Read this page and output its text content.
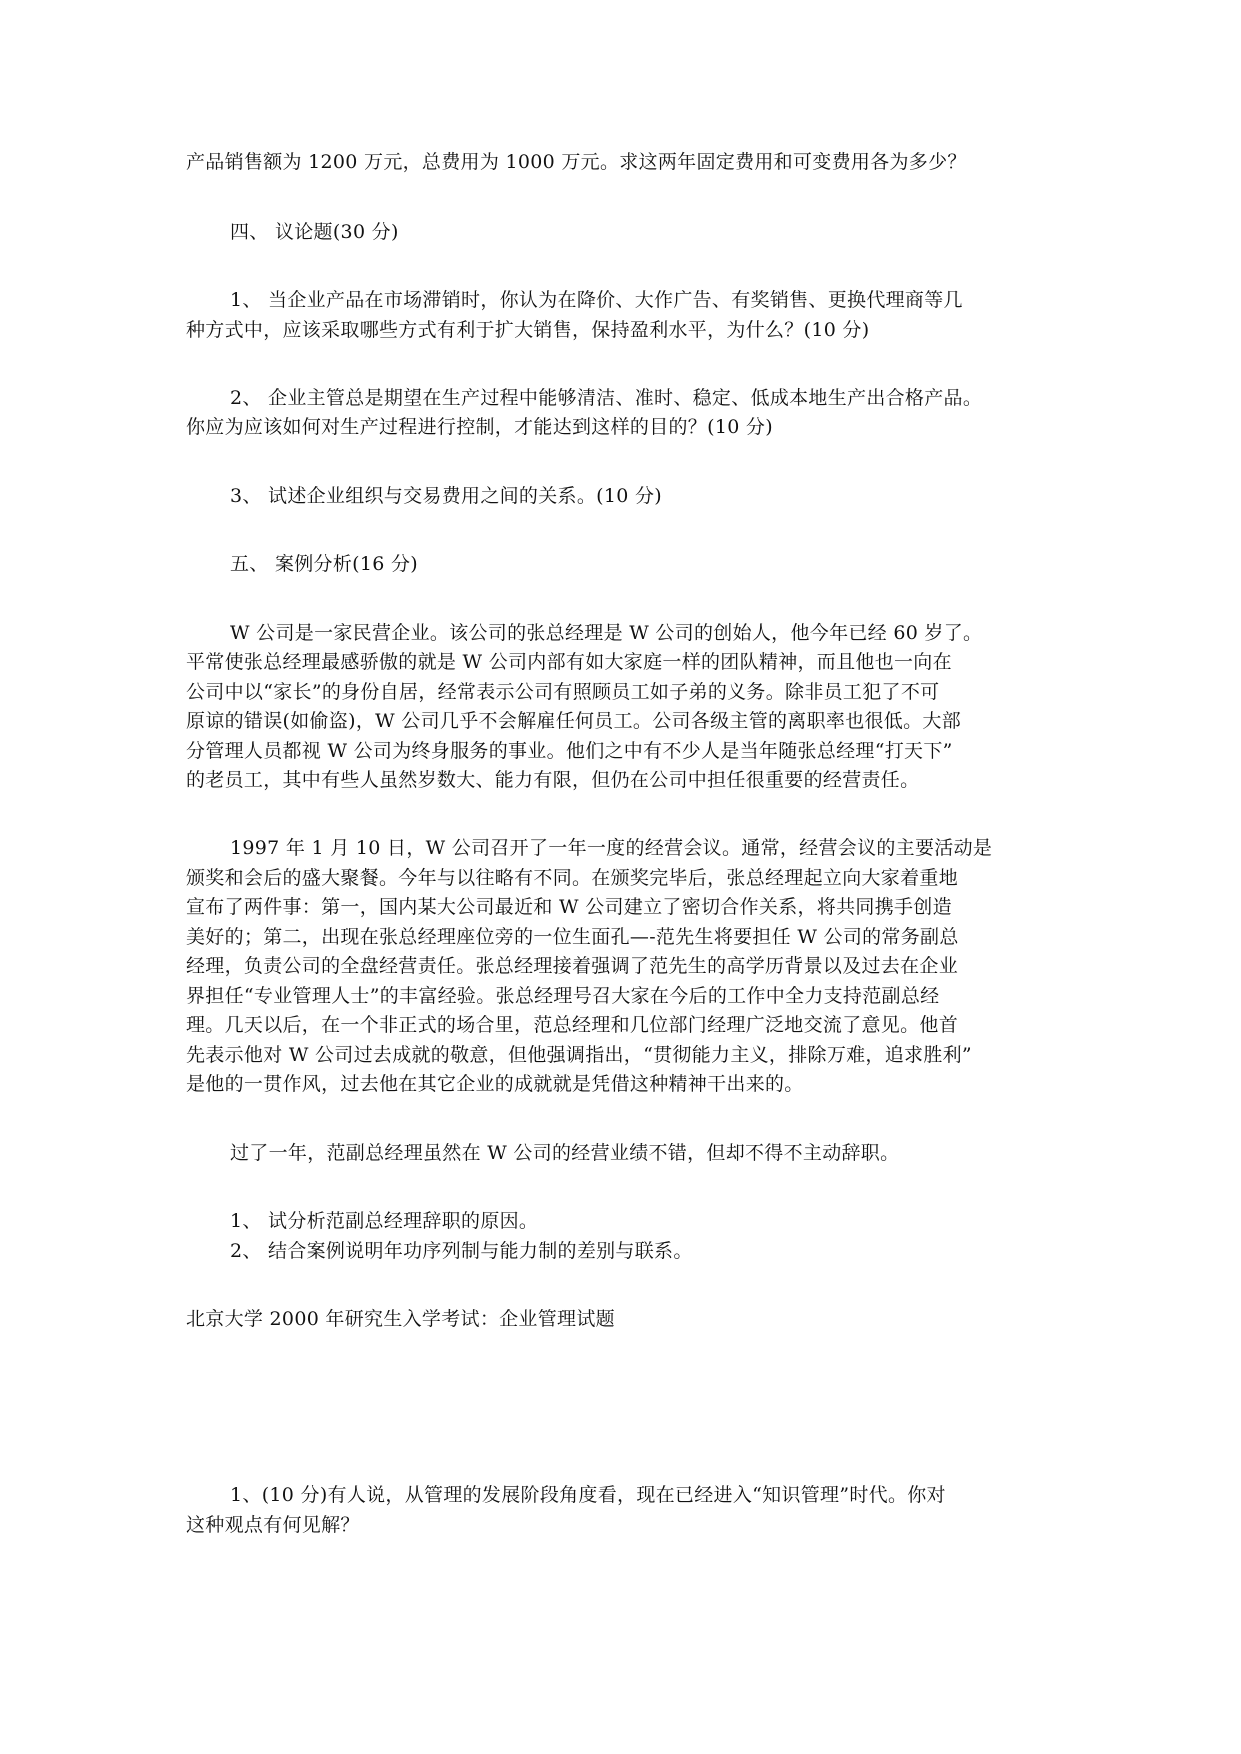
产品销售额为 1200 万元，总费用为 1000 万元。求这两年固定费用和可变费用各为多少？
四、 议论题(30 分)
1、 当企业产品在市场滞销时，你认为在降价、大作广告、有奖销售、更换代理商等几
种方式中，应该采取哪些方式有利于扩大销售，保持盈利水平，为什么？(10 分)
2、 企业主管总是期望在生产过程中能够清洁、准时、稳定、低成本地生产出合格产品。
你应为应该如何对生产过程进行控制，才能达到这样的目的？(10 分)
3、 试述企业组织与交易费用之间的关系。(10 分)
五、 案例分析(16 分)
W 公司是一家民营企业。该公司的张总经理是 W 公司的创始人，他今年已经 60 岁了。
平常使张总经理最感骄傲的就是 W 公司内部有如大家庭一样的团队精神，而且他也一向在
公司中以“家长”的身份自居，经常表示公司有照顾员工如子弟的义务。除非员工犯了不可
原谅的错误(如偷盗)，W 公司几乎不会解雇任何员工。公司各级主管的离职率也很低。大部
分管理人员都视 W 公司为终身服务的事业。他们之中有不少人是当年随张总经理“打天下”
的老员工，其中有些人虽然岁数大、能力有限，但仍在公司中担任很重要的经营责任。
1997 年 1 月 10 日，W 公司召开了一年一度的经营会议。通常，经营会议的主要活动是
颁奖和会后的盛大聚餐。今年与以往略有不同。在颁奖完毕后，张总经理起立向大家着重地
宣布了两件事：第一，国内某大公司最近和 W 公司建立了密切合作关系，将共同携手创造
美好的；第二，出现在张总经理座位旁的一位生面孔—-范先生将要担任 W 公司的常务副总
经理，负责公司的全盘经营责任。张总经理接着强调了范先生的高学历背景以及过去在企业
界担任“专业管理人士”的丰富经验。张总经理号召大家在今后的工作中全力支持范副总经
理。几天以后，在一个非正式的场合里，范总经理和几位部门经理广泛地交流了意见。他首
先表示他对 W 公司过去成就的敬意，但他强调指出，“贯彻能力主义，排除万难，追求胜利”
是他的一贯作风，过去他在其它企业的成就就是凭借这种精神干出来的。
过了一年，范副总经理虽然在 W 公司的经营业绩不错，但却不得不主动辞职。
1、 试分析范副总经理辞职的原因。
2、 结合案例说明年功序列制与能力制的差别与联系。
北京大学 2000 年研究生入学考试：企业管理试题
1、(10 分)有人说，从管理的发展阶段角度看，现在已经进入“知识管理”时代。你对
这种观点有何见解？
